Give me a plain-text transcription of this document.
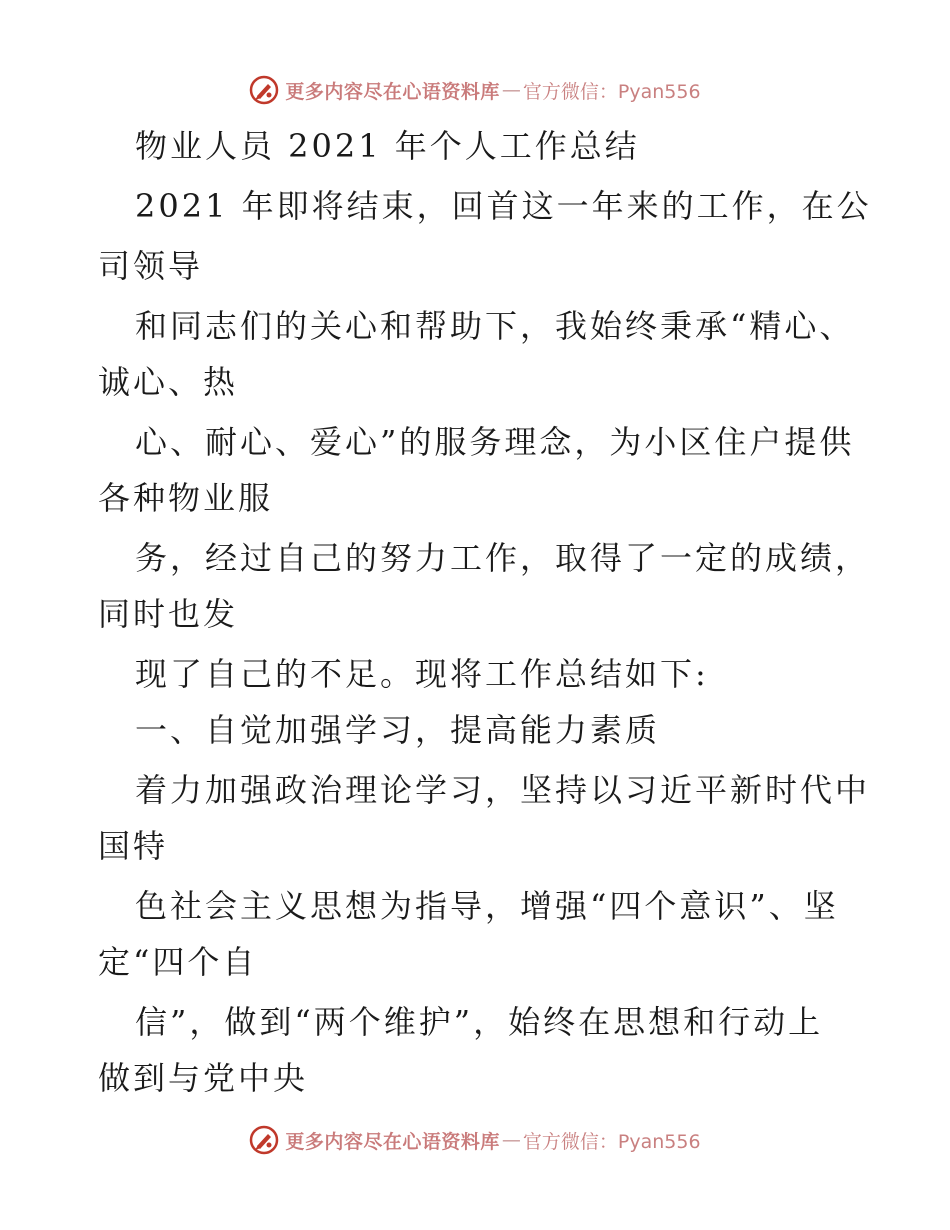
更多内容尽在心语资料库 — 官方微信：Pyan556
物业人员 2021 年个人工作总结
2021 年即将结束，回首这一年来的工作，在公
司领导
和同志们的关心和帮助下，我始终秉承“精心、
诚心、热
心、耐心、爱心”的服务理念，为小区住户提供
各种物业服
务，经过自己的努力工作，取得了一定的成绩，
同时也发
现了自己的不足。现将工作总结如下:
一、自觉加强学习，提高能力素质
着力加强政治理论学习，坚持以习近平新时代中
国特
色社会主义思想为指导，增强“四个意识”、坚
定“四个自
信”，做到“两个维护”，始终在思想和行动上
做到与党中央
更多内容尽在心语资料库 — 官方微信：Pyan556
